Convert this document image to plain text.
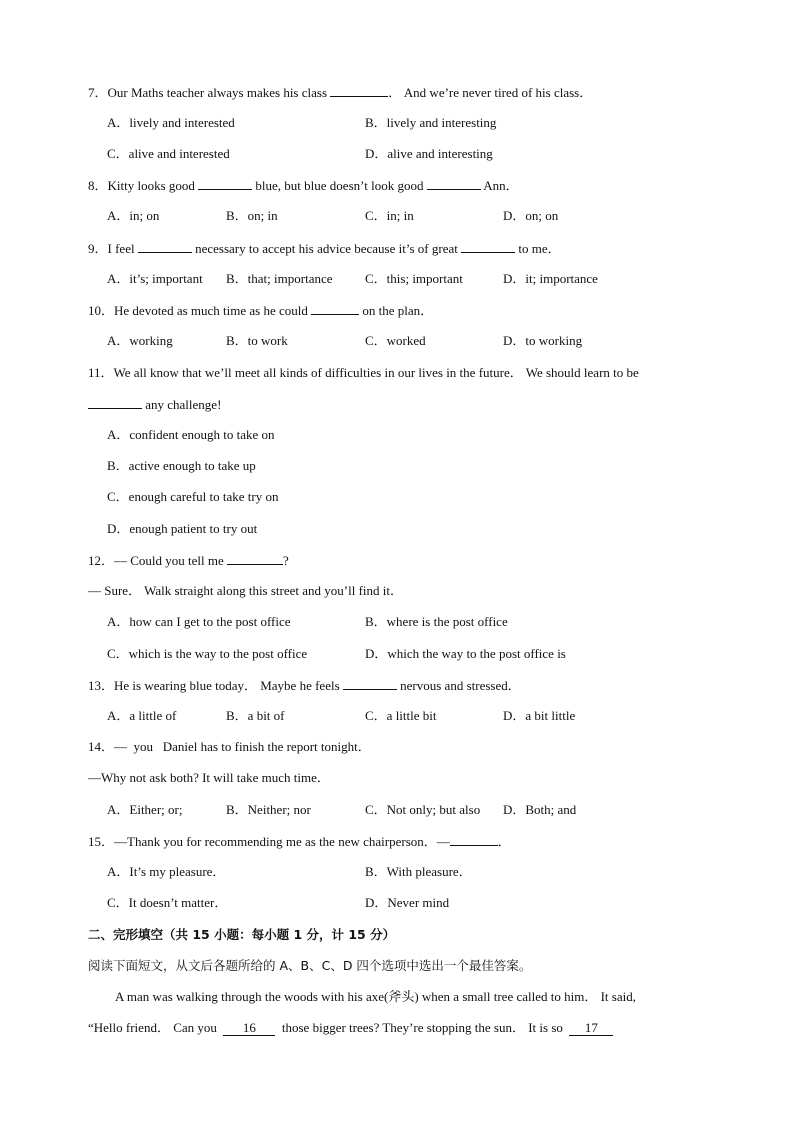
7．Our Maths teacher always makes his class	． And we’re never tired of his class．
A．lively and interested	B．lively and interesting
C．alive and interested	D．alive and interesting
8．Kitty looks good	blue, but blue doesn’t look good	Ann．
A．in; on	B．on; in	C．in; in	D．on; on
9．I feel	necessary to accept his advice because it’s of great	to me．
A．it’s; important B．that; importance C．this; important	D．it; importance
10．He devoted as much time as he could	on the plan．
A．working	B．to work	C．worked	D．to working
11．We all know that we’ll meet all kinds of difficulties in our lives in the future． We should learn to be
any challenge!
A．confident enough to take on
B．active enough to take up
C．enough careful to take try on
D．enough patient to try out
12．— Could you tell me	?
— Sure． Walk straight along this street and you’ll find it．
A．how can I get to the post office	B．where is the post office
C．which is the way to the post office	D．which the way to the post office is
13．He is wearing blue today． Maybe he feels	nervous and stressed．
A．a little of	B．a bit of	C．a little bit	D．a bit little
14．—  you   Daniel has to finish the report tonight．
—Why not ask both? It will take much time．
A．Either; or;	B．Neither; nor	C．Not only; but also D．Both; and
15．—Thank you for recommending me as the new chairperson．—	．
A．It’s my pleasure．	B．With pleasure．
C．It doesn’t matter．	D．Never mind
二、完形填空（共 15 小题：每小题 1 分，计 15 分）
阅读下面短文，从文后各题所给的 A、B、C、D 四个选项中选出一个最佳答案。
A man was walking through the woods with his axe(斧头) when a small tree called to him． It said,
“Hello friend． Can you 16 those bigger trees? They’re stopping the sun． It is so 17
